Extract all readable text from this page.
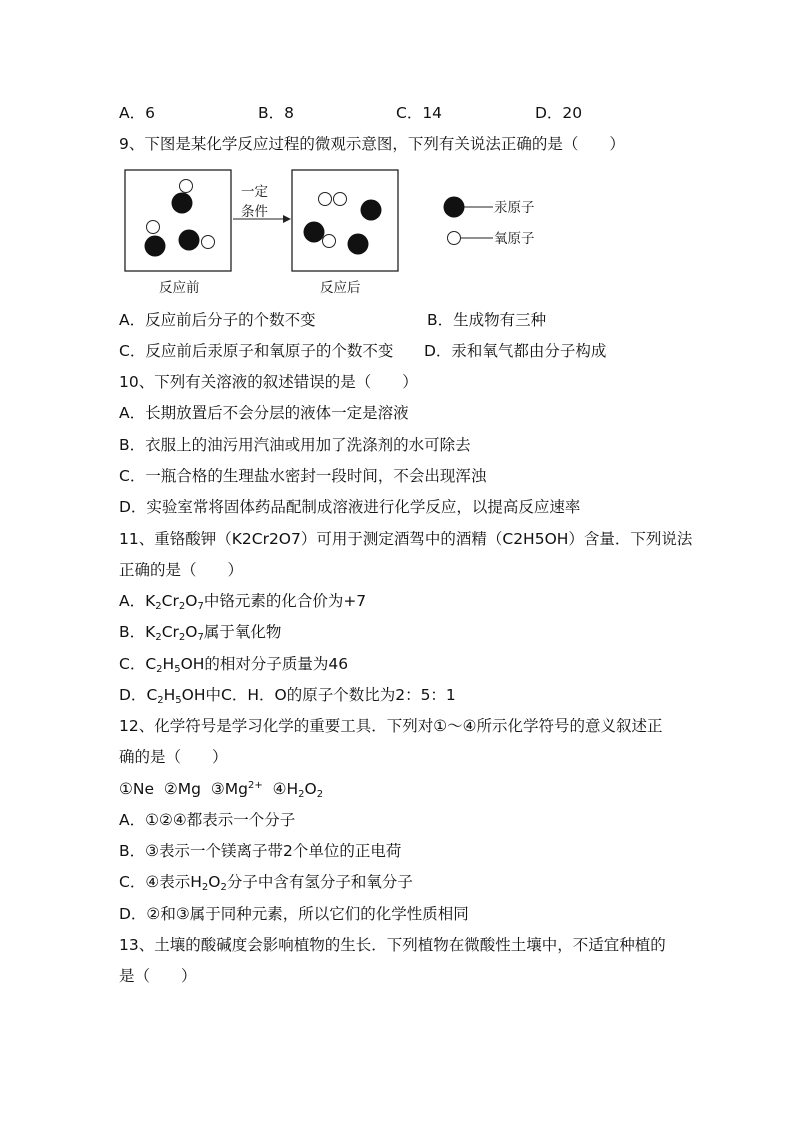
A．6	B．8	C．14	D．20
9、下图是某化学反应过程的微观示意图，下列有关说法正确的是（　　）
一定
条件
反应前	反应后
汞原子
氧原子
A．反应前后分子的个数不变	B．生成物有三种
C．反应前后汞原子和氧原子的个数不变 D．汞和氧气都由分子构成
10、下列有关溶液的叙述错误的是（　　）
A．长期放置后不会分层的液体一定是溶液
B．衣服上的油污用汽油或用加了洗涤剂的水可除去
C．一瓶合格的生理盐水密封一段时间，不会出现浑浊
D．实验室常将固体药品配制成溶液进行化学反应，以提高反应速率
11、重铬酸钾（K2Cr2O7）可用于测定酒驾中的酒精（C2H5OH）含量．下列说法
正确的是（　　）
A．$K_2Cr_2O_7$中铬元素的化合价为+7
B．$K_2Cr_2O_7$属于氧化物
C．$C_2H_5OH$的相对分子质量为46
D．$C_2H_5OH$中C．H．O的原子个数比为2：5：1
12、化学符号是学习化学的重要工具．下列对①～④所示化学符号的意义叙述正
确的是（　　）
①Ne ②Mg $③Mg^{2+}$ $④H_2O_2$
A．①②④都表示一个分子
B．③表示一个镁离子带2个单位的正电荷
C．④表示$H_2O_2$分子中含有氢分子和氧分子
D．②和③属于同种元素，所以它们的化学性质相同
13、土壤的酸碱度会影响植物的生长．下列植物在微酸性土壤中，不适宜种植的
是（　　）
